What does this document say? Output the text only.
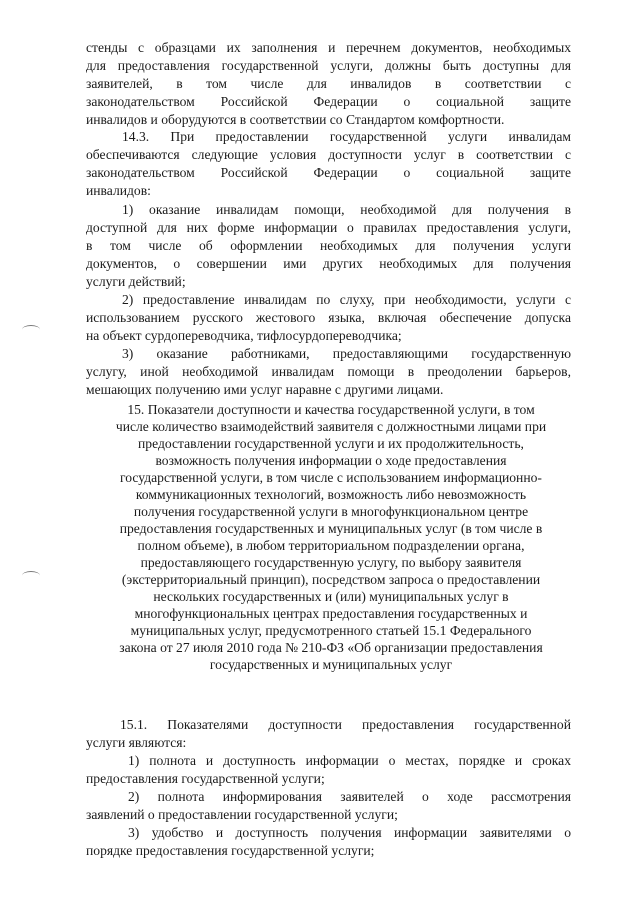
стенды с образцами их заполнения и перечнем документов, необходимых
для предоставления государственной услуги, должны быть доступны для
заявителей, в том числе для инвалидов в соответствии с
законодательством Российской Федерации о социальной защите
инвалидов и оборудуются в соответствии со Стандартом комфортности.
14.3. При предоставлении государственной услуги инвалидам
обеспечиваются следующие условия доступности услуг в соответствии с
законодательством Российской Федерации о социальной защите
инвалидов:
1) оказание инвалидам помощи, необходимой для получения в
доступной для них форме информации о правилах предоставления услуги,
в том числе об оформлении необходимых для получения услуги
документов, о совершении ими других необходимых для получения
услуги действий;
2) предоставление инвалидам по слуху, при необходимости, услуги с
использованием русского жестового языка, включая обеспечение допуска
на объект сурдопереводчика, тифлосурдопереводчика;
3) оказание работниками, предоставляющими государственную
услугу, иной необходимой инвалидам помощи в преодолении барьеров,
мешающих получению ими услуг наравне с другими лицами.
15. Показатели доступности и качества государственной услуги, в том
числе количество взаимодействий заявителя с должностными лицами при
предоставлении государственной услуги и их продолжительность,
возможность получения информации о ходе предоставления
государственной услуги, в том числе с использованием информационно-
коммуникационных технологий, возможность либо невозможность
получения государственной услуги в многофункциональном центре
предоставления государственных и муниципальных услуг (в том числе в
полном объеме), в любом территориальном подразделении органа,
предоставляющего государственную услугу, по выбору заявителя
(экстерриториальный принцип), посредством запроса о предоставлении
нескольких государственных и (или) муниципальных услуг в
многофункциональных центрах предоставления государственных и
муниципальных услуг, предусмотренного статьей 15.1 Федерального
закона от 27 июля 2010 года № 210-ФЗ «Об организации предоставления
государственных и муниципальных услуг
15.1. Показателями доступности предоставления государственной
услуги являются:
1) полнота и доступность информации о местах, порядке и сроках
предоставления государственной услуги;
2) полнота информирования заявителей о ходе рассмотрения
заявлений о предоставлении государственной услуги;
3) удобство и доступность получения информации заявителями о
порядке предоставления государственной услуги;
